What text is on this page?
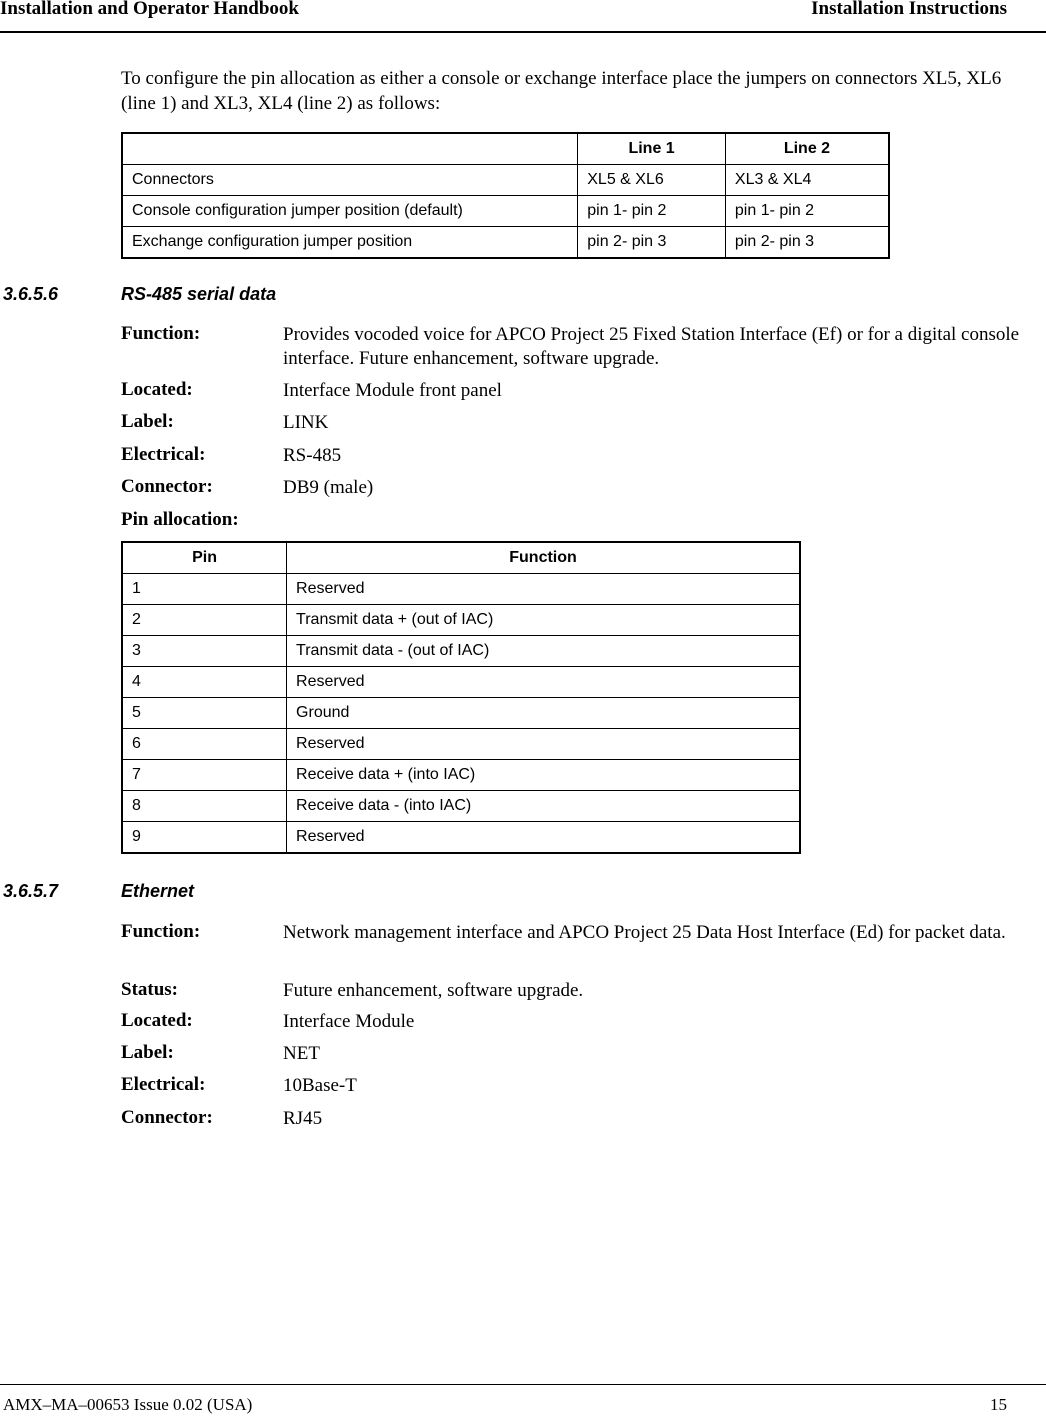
Installation and Operator Handbook	Installation Instructions
To configure the pin allocation as either a console or exchange interface place the jumpers on connectors XL5, XL6 (line 1) and XL3, XL4 (line 2) as follows:
	Line 1	Line 2
Connectors	XL5 & XL6	XL3 & XL4
Console configuration jumper position (default)	pin 1- pin 2	pin 1- pin 2
Exchange configuration jumper position	pin 2- pin 3	pin 2- pin 3
3.6.5.6	RS-485 serial data
Function:	Provides vocoded voice for APCO Project 25 Fixed Station Interface (Ef) or for a digital console interface. Future enhancement, software upgrade.
Located:	Interface Module front panel
Label:	LINK
Electrical:	RS-485
Connector:	DB9 (male)
Pin allocation:
Pin	Function
1	Reserved
2	Transmit data + (out of IAC)
3	Transmit data - (out of IAC)
4	Reserved
5	Ground
6	Reserved
7	Receive data + (into IAC)
8	Receive data - (into IAC)
9	Reserved
3.6.5.7	Ethernet
Function:	Network management interface and APCO Project 25 Data Host Interface (Ed) for packet data.
Status:	Future enhancement, software upgrade.
Located:	Interface Module
Label:	NET
Electrical:	10Base-T
Connector:	RJ45
AMX–MA–00653 Issue 0.02 (USA)	15
